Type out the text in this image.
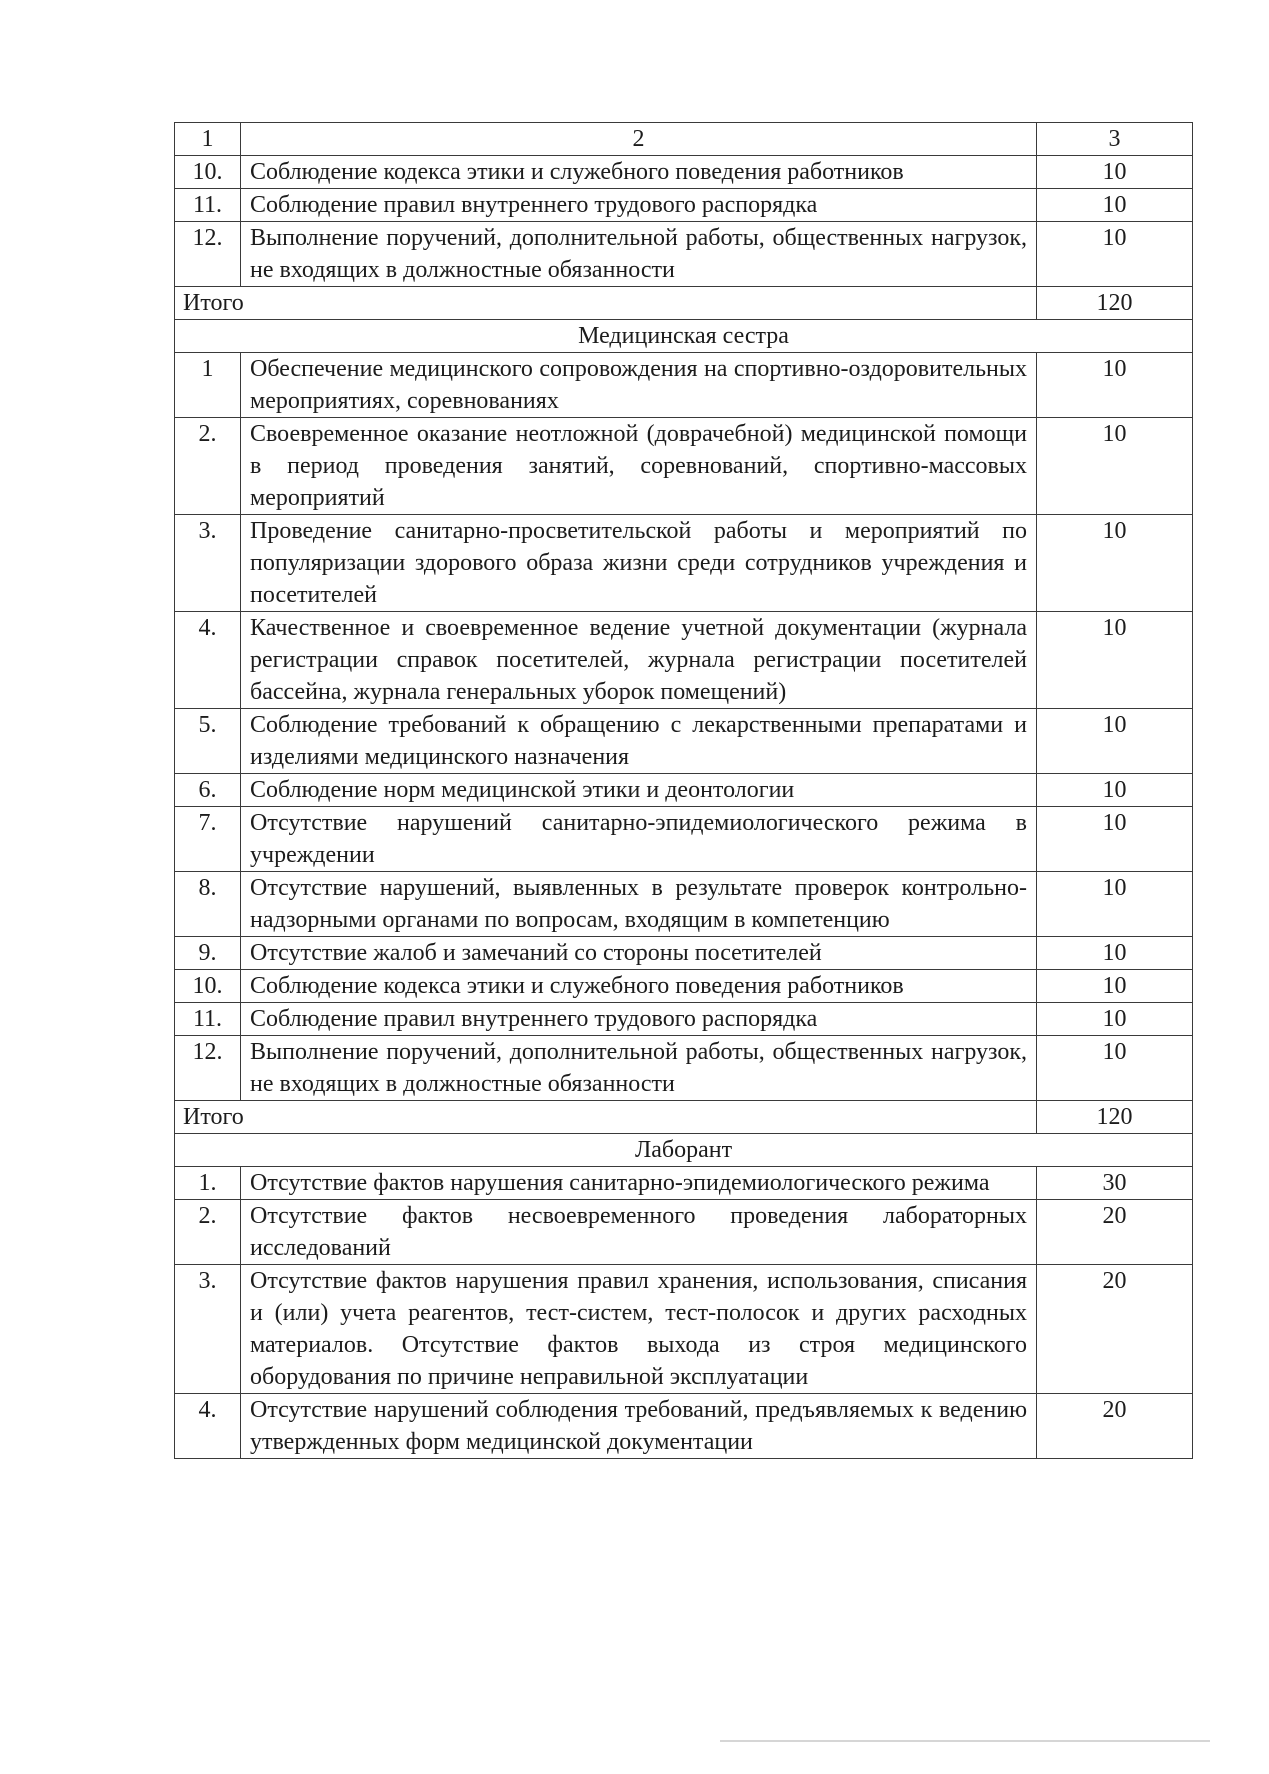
1	2	3
10.	Соблюдение кодекса этики и служебного поведения работников	10
11.	Соблюдение правил внутреннего трудового распорядка	10
12.	Выполнение поручений, дополнительной работы, общественных нагрузок, не входящих в должностные обязанности	10
Итого		120
Медицинская сестра		
1	Обеспечение медицинского сопровождения на спортивно-оздоровительных мероприятиях, соревнованиях	10
2.	Своевременное оказание неотложной (доврачебной) медицинской помощи в период проведения занятий, соревнований, спортивно-массовых мероприятий	10
3.	Проведение санитарно-просветительской работы и мероприятий по популяризации здорового образа жизни среди сотрудников учреждения и посетителей	10
4.	Качественное и своевременное ведение учетной документации (журнала регистрации справок посетителей, журнала регистрации посетителей бассейна, журнала генеральных уборок помещений)	10
5.	Соблюдение требований к обращению с лекарственными препаратами и изделиями медицинского назначения	10
6.	Соблюдение норм медицинской этики и деонтологии	10
7.	Отсутствие нарушений санитарно-эпидемиологического режима в учреждении	10
8.	Отсутствие нарушений, выявленных в результате проверок контрольно-надзорными органами по вопросам, входящим в компетенцию	10
9.	Отсутствие жалоб и замечаний со стороны посетителей	10
10.	Соблюдение кодекса этики и служебного поведения работников	10
11.	Соблюдение правил внутреннего трудового распорядка	10
12.	Выполнение поручений, дополнительной работы, общественных нагрузок, не входящих в должностные обязанности	10
Итого		120
Лаборант		
1.	Отсутствие фактов нарушения санитарно-эпидемиологического режима	30
2.	Отсутствие фактов несвоевременного проведения лабораторных исследований	20
3.	Отсутствие фактов нарушения правил хранения, использования, списания и (или) учета реагентов, тест-систем, тест-полосок и других расходных материалов. Отсутствие фактов выхода из строя медицинского оборудования по причине неправильной эксплуатации	20
4.	Отсутствие нарушений соблюдения требований, предъявляемых к ведению утвержденных форм медицинской документации	20
